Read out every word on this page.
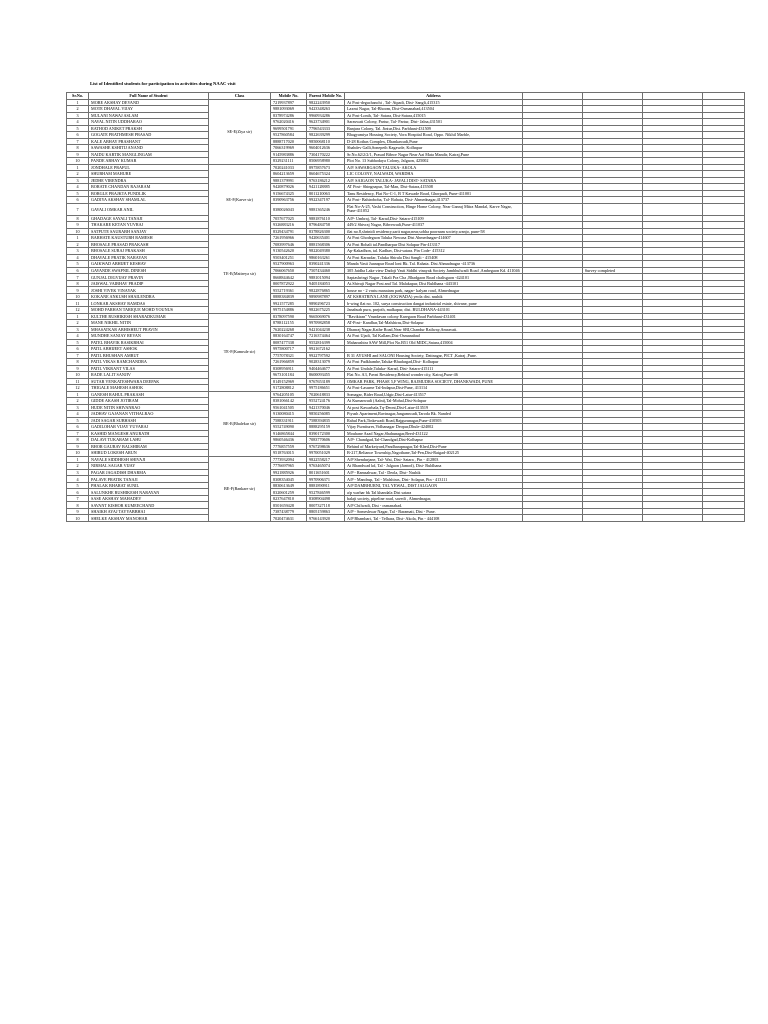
List of Identified students for participation in activities during NAAC visit
Sr.No.	Full Name of Student	Class	Mobile No.	Parent Mobile No.	Address				
1	MORE AKSHAY DEVAND	SE-E(Ziya sir)	7219937897	9822243950	At Post-degachanchi , Tal- Atpadi, Dist- Sangli,415315				
2	MOTE DHAVAL VIJAY		9881093069	9423348263	Laxmi Nagar, Tal-Bhoom, Dist-Osmanabad,413504				
3	MULANI NAWAJ ASLAM		8378974286	9960934286	At Post-Lonth, Tal- Satara, Dist-Satara,415015				
4	NAVAL NITIN UDDHARAO		9762020416	9623734901	Saraswati Colony, Partur, Tal- Partur, Dist- Jalna,431501				
5	RATHOD ANIKET PRAKSH		9699501791	7796543333	Banjara Colony, Tal. Jintur,Dist. Parbhani-431509				
6	GOGATE PRATHMESH PRASAD		9527860584	9822639299	Bhagyamiya Housing Society, Vora Hospital Road, Oppo. Nikhil Marble,				
7	KALE ABHAY PRASHANT		8888717020	9850068110	D-28 Kothas Complex, Dhankawadi,Pune				
8	SAWASHE KSHITIJ ANAND		7066319969	9604012636	Shahdev Galli,Sonepeth Kagawde, Kolhapur				
9	NAIDU KARTIK MANGLINGAM		9145983886	7304170222	Sr.No.62/2/2/1, Prasad Bibwe Nagar Near Aai Mata Mandir, Katraj,Pune				
10	PANDE ABHAY KUMAR		8329231111	8506958980	Plot No. 13 Subhodaya Colony, Jalgaon, 425002				
1	JONDHALE PRAFUL	SE-F(Karve sir)	7020241033	8975857673	A/P. SAWARGAON TALUKA- AKOLA				
2	SHUBHAM MAHURE		8604213659	8604675324	LIC COLONY, NALWADI, WARDHA				
3	JEDHE VIRENDRA		9881379991	9763186212	A/P. SAIGAON TALUKA- JAVALI DIST- SATARA				
4	BORATE CHANDAN RAJARAM		9420879026	9421128885	AT Post- Shingnapur, Tal-Man, Dist-Satara,415508				
5	BORGLE PRAJKTA PUNDLIK		9156674325	8011210063	Tanu Residency, Flat No-C-1, B T Kawade Road, Ghorpadi, Pune-411001				
6	GADIYA AKSHAY SHAMLAL		8390963756	9922347197	At Post- Bahiroboba, Tal- Rahata, Dist- Ahmednagar,413737				
7	GAVALI OMKAR ANIL		8380026043	9881365246	Flat No-A-25, Vashi Construction, Hinge Home Colony, Near Ganraj Mitra Mandal, Karve Nagar, Pune-411052				
8	GHADAGE SAYALI TANAJI		7057677025	9881876110	A/P- Umbraj, Tal- Karad,Dist- Satara-415109				
9	THAKARE KETAN YUVRAJ		9326883216	8796484758	449/2 Shivraj Nagar, Bibvewadi,Pune-411037				
10	SATPUTE SAURABH SANJAY		8329434791	8378826300	flat no.8,shrinidi residency,sarit nagar,near,sobha poornam society,wanjo, pune-58				
1	BARHATE KAUSTUBH RAMESH	TE-E(Maitreya sir)	7261956966	9420635401	At Post Ghodegaon Taluka Newasa Dist Ahmednagar-414607				
2	BHOSALE PRASAD PRAKASH		7083997646	8881568306	At Post Bohali tal.Pandharpur Dist Solapur Pin-413317				
3	BHOSALE SURAJ PRAKASH		9130542620	9822049380	Ap-Kakadhon, tal. Kadhav, Dist-satara. Pin Code- 415312				
4	DHAVALE PRATIK NARAYAN		9503401251	9860163261	At Post Karasdar, Taluka Shirala Dist Sangli - 415408				
5	GAIKWAD ABHIJET KESHAV		9527900963	8390241336	Manda Vasti Juanapur Road loni Bk. Tal. Rahata. Dist Ahmadnagar -413736				
6	GAVANDE SWAPNIL DINESH		7066067650	7507434460	305 Jaidha Lake view Dadoji Vasti Siddhi vinayak Society Jambhulwadi Road ,Ambegaon Kd. 411046		Survey completed		
7	GUNJAL DIGVIJAY PRAVIN		8668844642	9881015094	Saptashringi Nagar ,Takali Pra Cha ,Bhadgaon Road chalisgaon -424101				
8	JAISWAL VAIBHAV PRADIP		8007872922	9405184053	At.Shivaji Nagar Post and Tal. Malakapur, Dist Buldhana -443101				
9	JOSHI VIVEK VINAYAK		9552719361	9822876865	house no - 2 vastu manaiam park, nagar- kalyan road, Ahmednagar				
10	KOKANE ANKUSH SHAILENDRA		8888384839	9890987897	AT KSHATRIYA LANE (JOGWADA) yeola dist. nashik				
11	LONKAR AKSHAY RAMDAS		9921577285	9890296723	b-wing flat no. 102, surya construction dangat industrial estate, shivane, pune				
12	MOHD FARHAN TARIQUE MOHD YOUNUS		9975154886	9822675225	Janabsab pura, parjoth, malkapur, dist. BULDHANA-443101				
1	KULTHE RUSHIKESH SHARADKUMAR	TE-F(Kamrule sir)	8378097590	9665069076	"Ravikiran" Vrundavan colony Karegaon Road Parbhani-431401				
2	MANE NIKHIL NITIN		8788112155	9970982858	AT-Post- Kandhar,Tal-Malshiras,Dist-Solapur				
3	MHASATKAR ABHISHEUT PRAVIN		7620224268	9421044238	Dhanraj Nagar,Kathe Road,Near SBI,Chandur Railway,Amravati.				
4	MUNDHE SANJAY REVAN		8830164747	7216374464	At Post Ujadi, Tal Kallam,Dist-Osmanabad				
5	PATEL BHAVIK RASIKBHAI		8087477338	9552816399	Maharashtra SAW Mill,Plot No.B51 Old MIDC,Satara,415004				
6	PATIL ABHIJEET ASHOK		9975800717	9921672162					
7	PATIL BHUSHAN AMRUT		7757078321	9922797592	B 31 AYUSHI and SALONI Housing Society, Dattnagar, PICT ,Katraj ,Pune.				
8	PATIL VIKAS RAMCHANDRA		7261966859	9028313079	At Post Padkhambe,Taluka-Bhudargad,Dist- Kolhapur				
9	PATIL VIKRANT VILAS		8308956911	9404464677	At Post Undale,Taluka- Karad, Dist- Satara-415111				
10	RADE LALIT SANJIV		9673101184	8600093455	Flat No. A3, Pavni Residency,Behind wonder city, Katraj,Pune-46				
11	SUTAR VENKATESHWARA DEEPAK		8149152969	9767653189	OMKAR PARK, PHASE 5,F WING, RAJMUDRA SOCIETY, DHANKWADI, PUNE				
12	THIGALE MAHESH ASHOK		9172808812	9975186651	At Post-Lasurne Tal-Indapur,Dist-Pune, 413114				
1	GANESH RAHUL PRAKASH	BE-E(Bhalekar sir)	9764205105	7020618833	Somagar, Bider Road,Udgir,Dist-Latur-413517				
2	GIDDE AKASH JOTIRAM		8381066142	9552724176	At Kumarwadi (Aalni),Tal-Mohal,Dist-Solapur				
3	HUDE NITIN SHIVANRAO		9561041505	9421370046	At post Kawarhala,Tq-Deoni,Dist-Latur-413519				
4	JADHAV GAJANAN VITHALRAO		9130080415	9850256085	Piyush Apartment,Ravinagar,Jangamwadi,Taroda Bk. Nanded				
5	JADI SAGAR SUBHASH		7588331911	7588394835	Rahul Park,Tinkewadi Road,Rajgurunagar,Pune-410505				
6	GADILOHAR VIJAY YUVARAJ		9552749090	8888295159	Vijay Furnitures,Vidhanagar Deopur,Dhule-424002				
7	KASHID MANGESH ANURATH		9146865844	8390172300	Mouhane Azad Nagar,Shahunagar,Beed-431122				
8	DALAVI TUKARAM LAHU		9860546436	7083770606	A/P- Chandgad,Tal-Chandgad,Dist-Kolhapur				
9	BHOR GAURAV BALSHIRAM		7776857559	9767298636	Behind of Marketyard,Pandharapnagar,Tal-Khed,Dist-Pune				
10	SHIRUD LOKESH ARUN		9518763015	9970051029	B-217,Reliance Township,Nagothane,Tal-Pen,Dist-Raigad-402125				
1	NAVALE SIDDHESH SHIVAJI	BE-F(Bankare sir)	7773932094	9822558217	A/P Shendurjane, Tal- Wai, Dist- Satara , Pin - 412803				
2	NIRMAL SAGAR VIJAY		7776697965	9763465074	At Bhandwad kd, Tal - Jalgaon (Jamod), Dist- Buldhana				
3	PAGAR JAGADISH DHARMA		9921885926	8011651601	A/P - Ramsahwar, Tal - Deola, Dist- Nashik				
4	PALAVE PRATIK TANAJI		8308354045	9970906371	A/P - Mandrup, Tal - Malshiras, Dist- Solapur, Pin - 413111				
5	PHALAK BHARAT SUNIL		8830613649	8881890911	A/P DAMBHURNI, TAL YEWAL, DIST JALGAON				
6	SALUNKHE RUSHIKESH NARAYAN		8320601259	9527846599	a/p warhar bk Tal khandala Dist satara				
7	SASE AKSHAY MAHADEV		8237647810	8308904498	balaji society, pipeline road, savedi , Ahmednagar,				
8	SAVANT KISHOR KUMEECHAND		8501659428	8007327118	A/P Chilwadi, Dist - osmanabad.				
9	SHAIKH AYAJ TAYYABBHAI		7387438779	8805159863	A/P - Someshwar Nagar, Tal - Baramati, Dist - Pune.				
10	SHELKE AKSHAY MANOHAR		7020474631	9766143920	A/P Bhambari, Tal - Telhara, Dist- Akola, Pin - 444108				
